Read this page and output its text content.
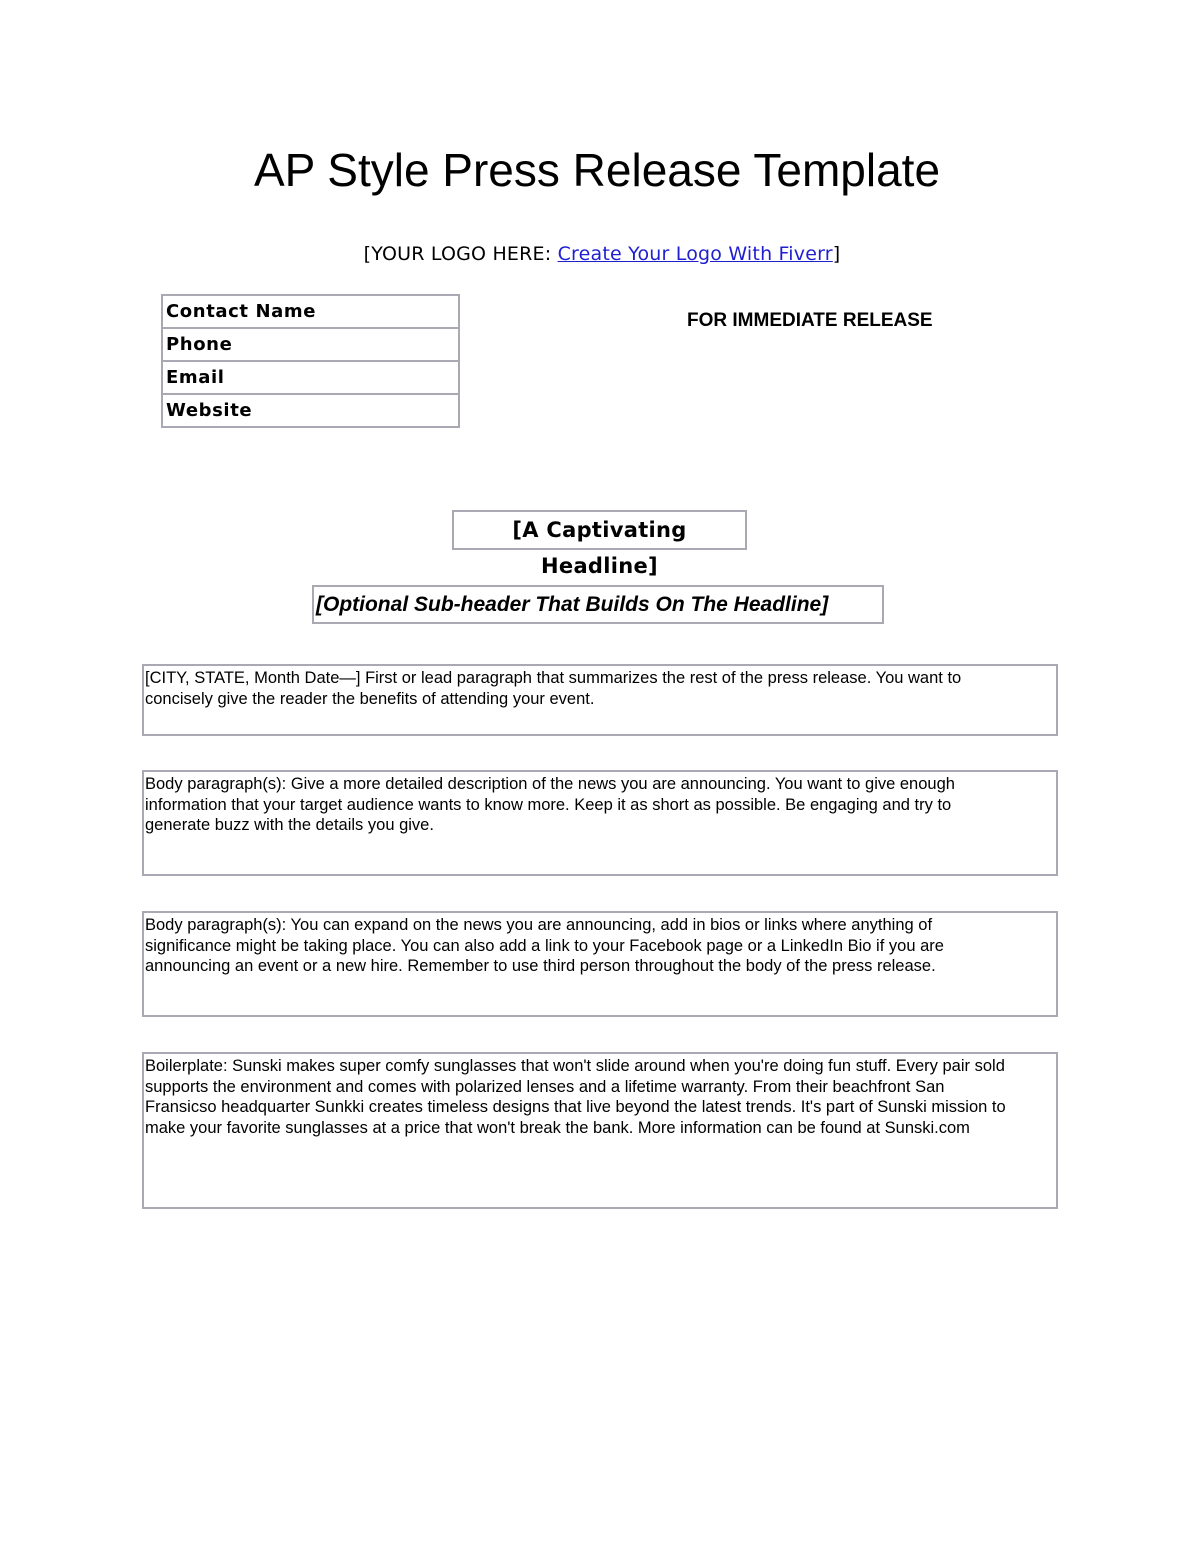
AP Style Press Release Template
[YOUR LOGO HERE: Create Your Logo With Fiverr]
Contact Name
Phone
Email
Website
FOR IMMEDIATE RELEASE
[A Captivating Headline]
[Optional Sub-header That Builds On The Headline]
[CITY, STATE, Month Date—] First or lead paragraph that summarizes the rest of the press release. You want to concisely give the reader the benefits of attending your event.
Body paragraph(s): Give a more detailed description of the news you are announcing. You want to give enough information that your target audience wants to know more. Keep it as short as possible. Be engaging and try to generate buzz with the details you give.
Body paragraph(s): You can expand on the news you are announcing, add in bios or links where anything of significance might be taking place. You can also add a link to your Facebook page or a LinkedIn Bio if you are announcing an event or a new hire. Remember to use third person throughout the body of the press release.
Boilerplate: Sunski makes super comfy sunglasses that won't slide around when you're doing fun stuff. Every pair sold supports the environment and comes with polarized lenses and a lifetime warranty. From their beachfront San Fransicso headquarter Sunkki creates timeless designs that live beyond the latest trends. It's part of Sunski mission to make your favorite sunglasses at a price that won't break the bank. More information can be found at Sunski.com
